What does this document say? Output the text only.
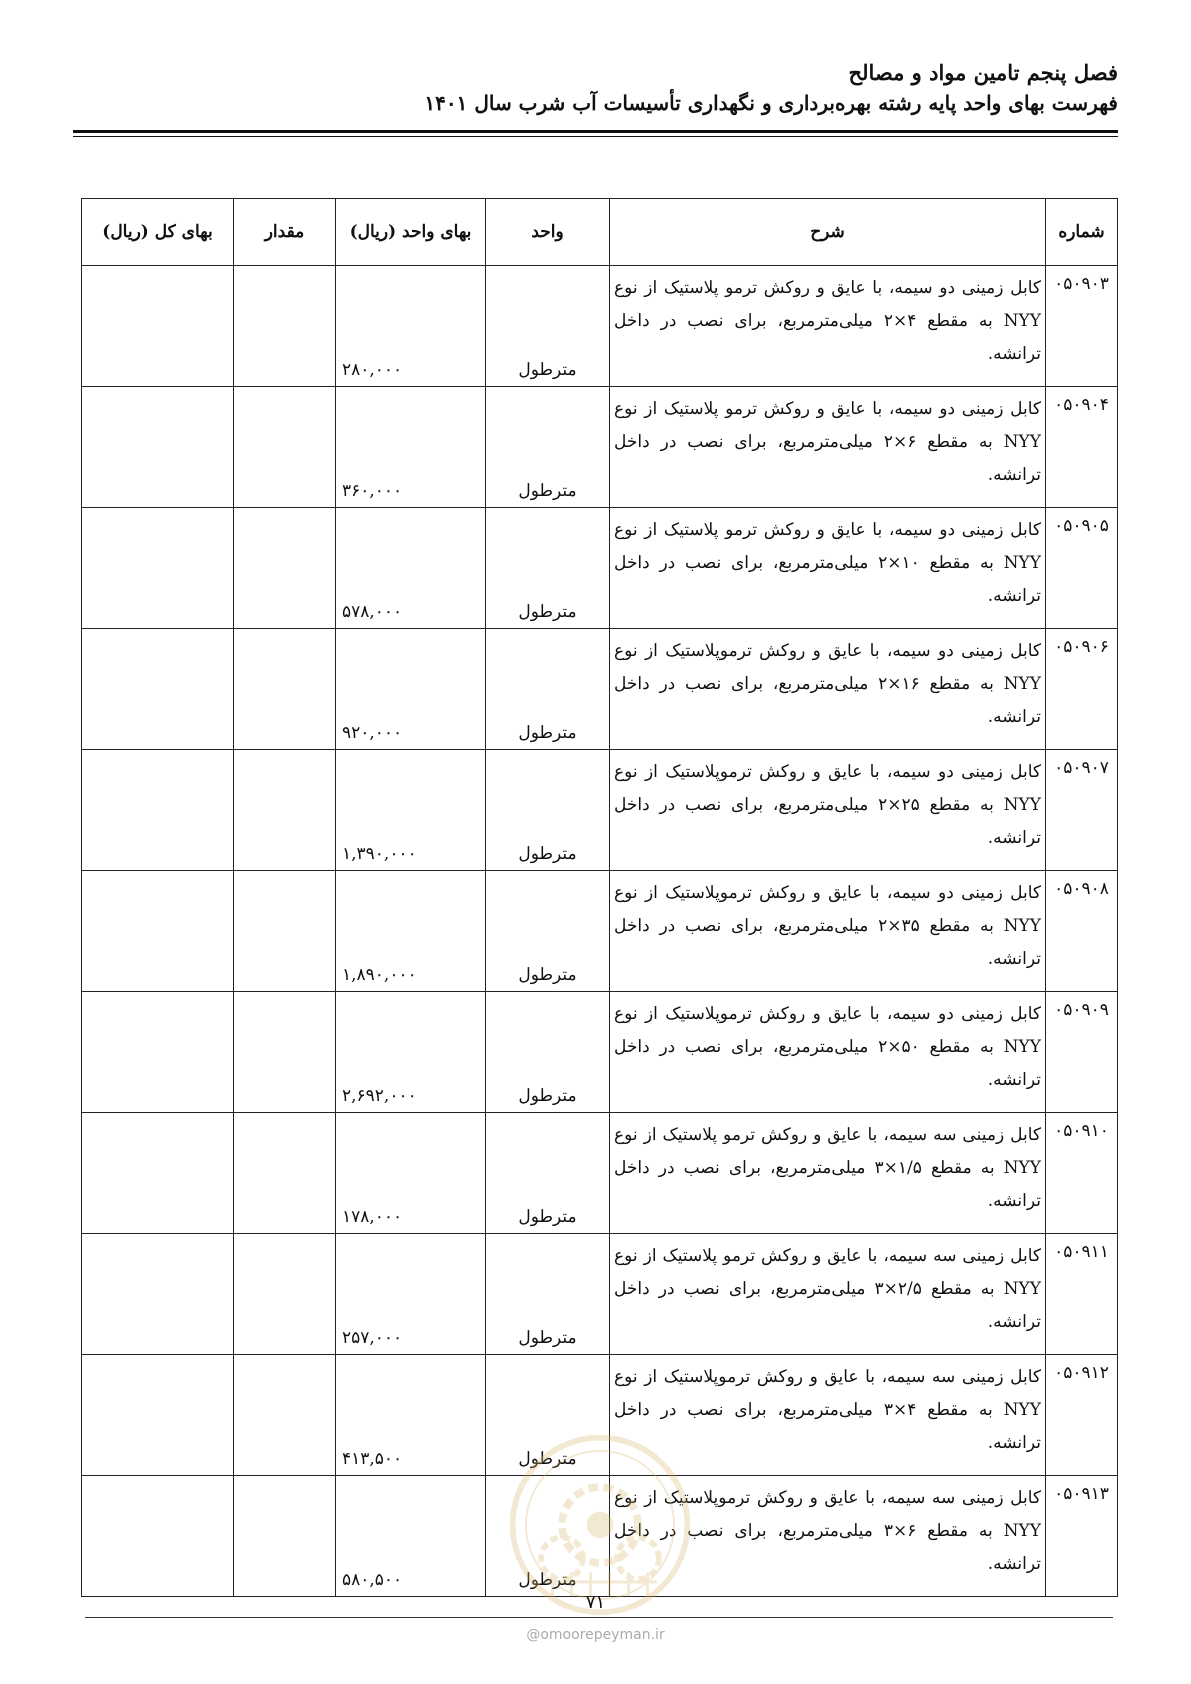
فصل پنجم تامین مواد و مصالح
فهرست بهای واحد پایه رشته بهره‌برداری و نگهداری تأسیسات آب شرب سال ۱۴۰۱
شماره	شرح	واحد	بهای واحد (ریال)	مقدار	بهای کل (ریال)
۰۵۰۹۰۳	کابل زمینی دو سیمه، با عایق و روکش ترمو پلاستیک از نوع NYY به مقطع ۴×۲ میلی‌مترمربع، برای نصب در داخل ترانشه.	مترطول	۲۸۰,۰۰۰		
۰۵۰۹۰۴	کابل زمینی دو سیمه، با عایق و روکش ترمو پلاستیک از نوع NYY به مقطع ۶×۲ میلی‌مترمربع، برای نصب در داخل ترانشه.	مترطول	۳۶۰,۰۰۰		
۰۵۰۹۰۵	کابل زمینی دو سیمه، با عایق و روکش ترمو پلاستیک از نوع NYY به مقطع ۱۰×۲ میلی‌مترمربع، برای نصب در داخل ترانشه.	مترطول	۵۷۸,۰۰۰		
۰۵۰۹۰۶	کابل زمینی دو سیمه، با عایق و روکش ترموپلاستیک از نوع NYY به مقطع ۱۶×۲ میلی‌مترمربع، برای نصب در داخل ترانشه.	مترطول	۹۲۰,۰۰۰		
۰۵۰۹۰۷	کابل زمینی دو سیمه، با عایق و روکش ترموپلاستیک از نوع NYY به مقطع ۲۵×۲ میلی‌مترمربع، برای نصب در داخل ترانشه.	مترطول	۱,۳۹۰,۰۰۰		
۰۵۰۹۰۸	کابل زمینی دو سیمه، با عایق و روکش ترموپلاستیک از نوع NYY به مقطع ۳۵×۲ میلی‌مترمربع، برای نصب در داخل ترانشه.	مترطول	۱,۸۹۰,۰۰۰		
۰۵۰۹۰۹	کابل زمینی دو سیمه، با عایق و روکش ترموپلاستیک از نوع NYY به مقطع ۵۰×۲ میلی‌مترمربع، برای نصب در داخل ترانشه.	مترطول	۲,۶۹۲,۰۰۰		
۰۵۰۹۱۰	کابل زمینی سه سیمه، با عایق و روکش ترمو پلاستیک از نوع NYY به مقطع ۱/۵×۳ میلی‌مترمربع، برای نصب در داخل ترانشه.	مترطول	۱۷۸,۰۰۰		
۰۵۰۹۱۱	کابل زمینی سه سیمه، با عایق و روکش ترمو پلاستیک از نوع NYY به مقطع ۲/۵×۳ میلی‌مترمربع، برای نصب در داخل ترانشه.	مترطول	۲۵۷,۰۰۰		
۰۵۰۹۱۲	کابل زمینی سه سیمه، با عایق و روکش ترموپلاستیک از نوع NYY به مقطع ۴×۳ میلی‌مترمربع، برای نصب در داخل ترانشه.	مترطول	۴۱۳,۵۰۰		
۰۵۰۹۱۳	کابل زمینی سه سیمه، با عایق و روکش ترموپلاستیک از نوع NYY به مقطع ۶×۳ میلی‌مترمربع، برای نصب در داخل ترانشه.	مترطول	۵۸۰,۵۰۰		
۷۱
@omoorepeyman.ir
